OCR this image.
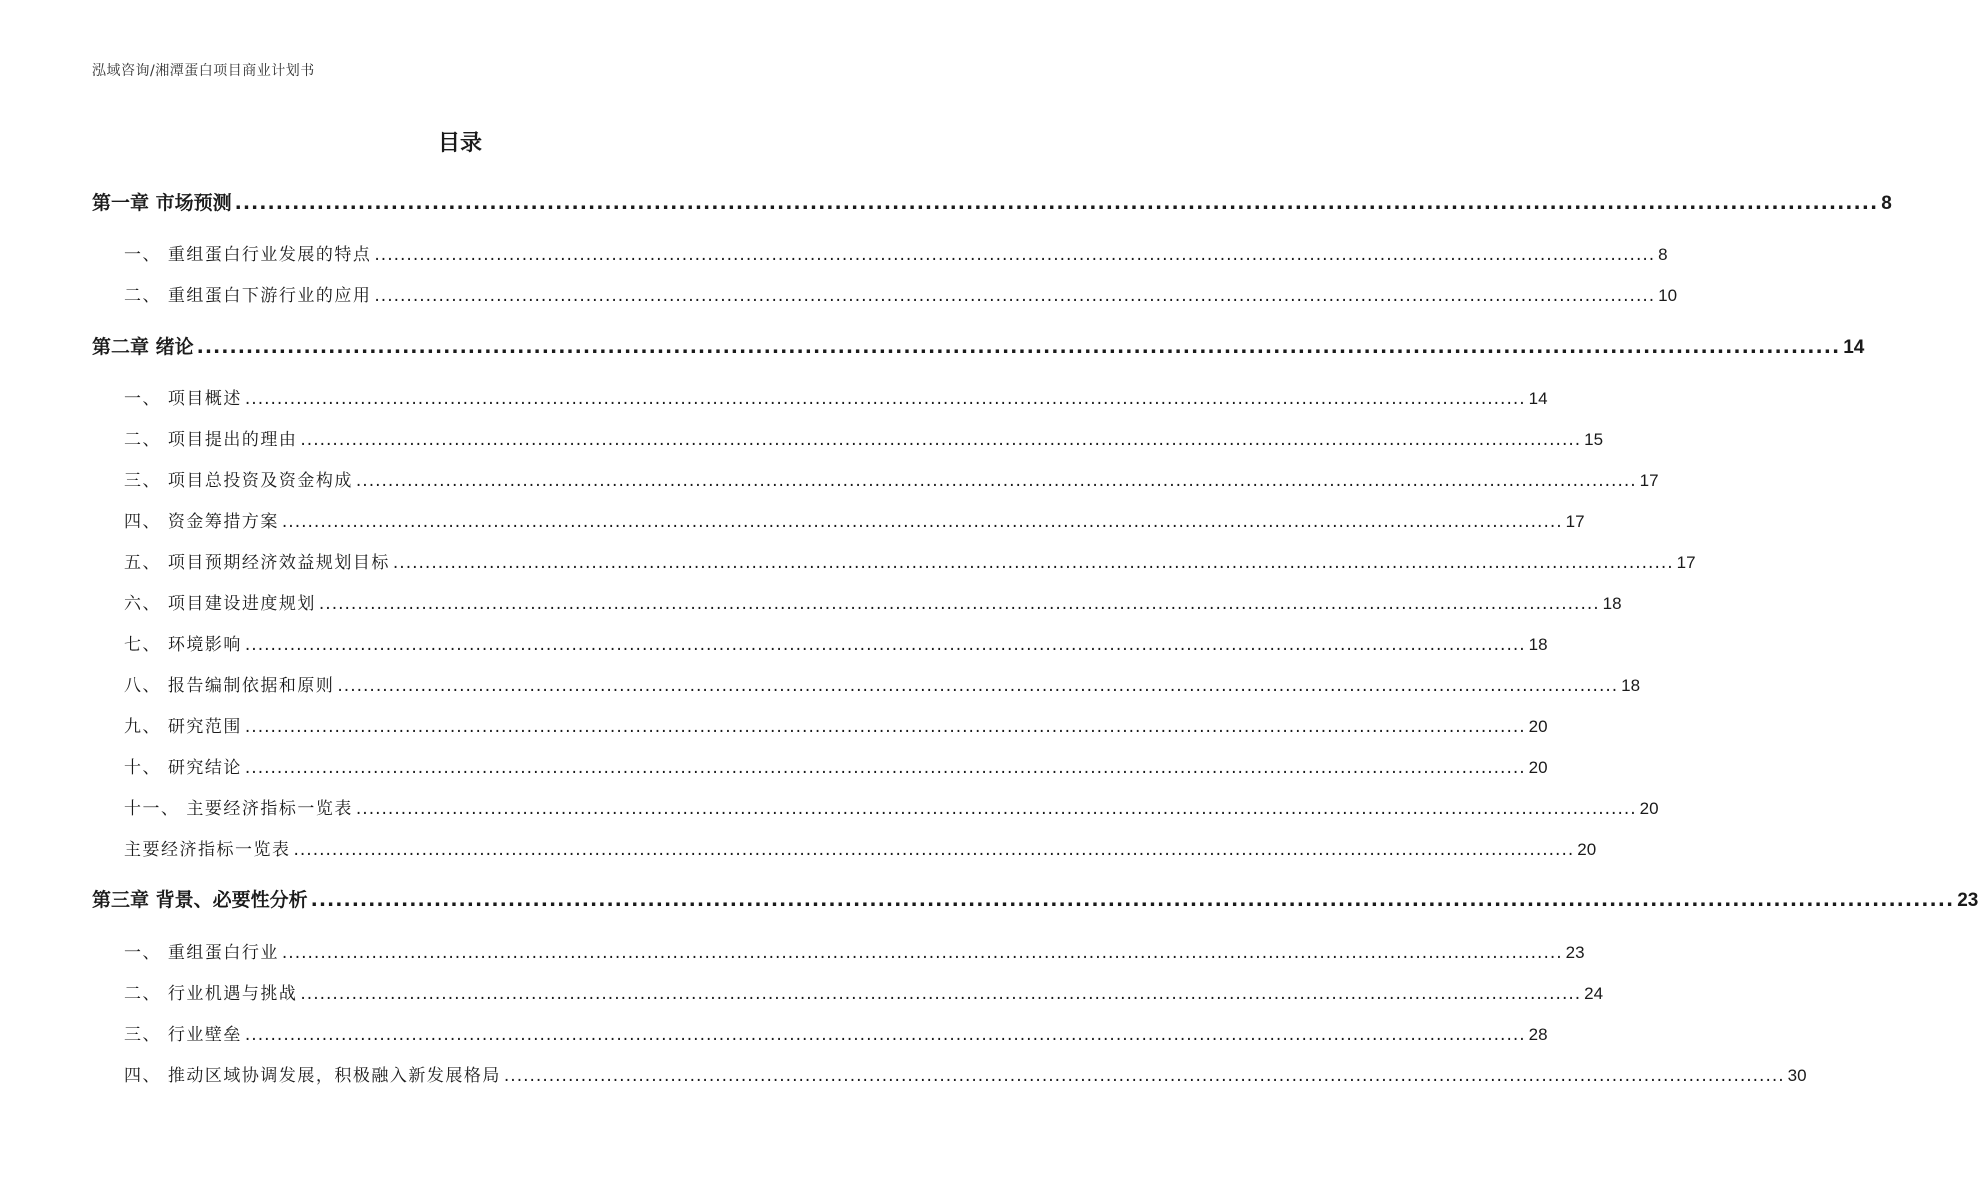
泓域咨询/湘潭蛋白项目商业计划书
目录
第一章 市场预测 ........................................................................................................................................................................................................ 8
一、 重组蛋白行业发展的特点 ........................................................................................................................................................................................................ 8
二、 重组蛋白下游行业的应用 ........................................................................................................................................................................................................ 10
第二章 绪论 ........................................................................................................................................................................................................ 14
一、 项目概述 ........................................................................................................................................................................................................ 14
二、 项目提出的理由 ........................................................................................................................................................................................................ 15
三、 项目总投资及资金构成 ........................................................................................................................................................................................................ 17
四、 资金筹措方案 ........................................................................................................................................................................................................ 17
五、 项目预期经济效益规划目标 ........................................................................................................................................................................................................ 17
六、 项目建设进度规划 ........................................................................................................................................................................................................ 18
七、 环境影响 ........................................................................................................................................................................................................ 18
八、 报告编制依据和原则 ........................................................................................................................................................................................................ 18
九、 研究范围 ........................................................................................................................................................................................................ 20
十、 研究结论 ........................................................................................................................................................................................................ 20
十一、 主要经济指标一览表 ........................................................................................................................................................................................................ 20
主要经济指标一览表 ........................................................................................................................................................................................................ 20
第三章 背景、必要性分析 ........................................................................................................................................................................................................ 23
一、 重组蛋白行业 ........................................................................................................................................................................................................ 23
二、 行业机遇与挑战 ........................................................................................................................................................................................................ 24
三、 行业壁垒 ........................................................................................................................................................................................................ 28
四、 推动区域协调发展，积极融入新发展格局 ........................................................................................................................................................................................................ 30
